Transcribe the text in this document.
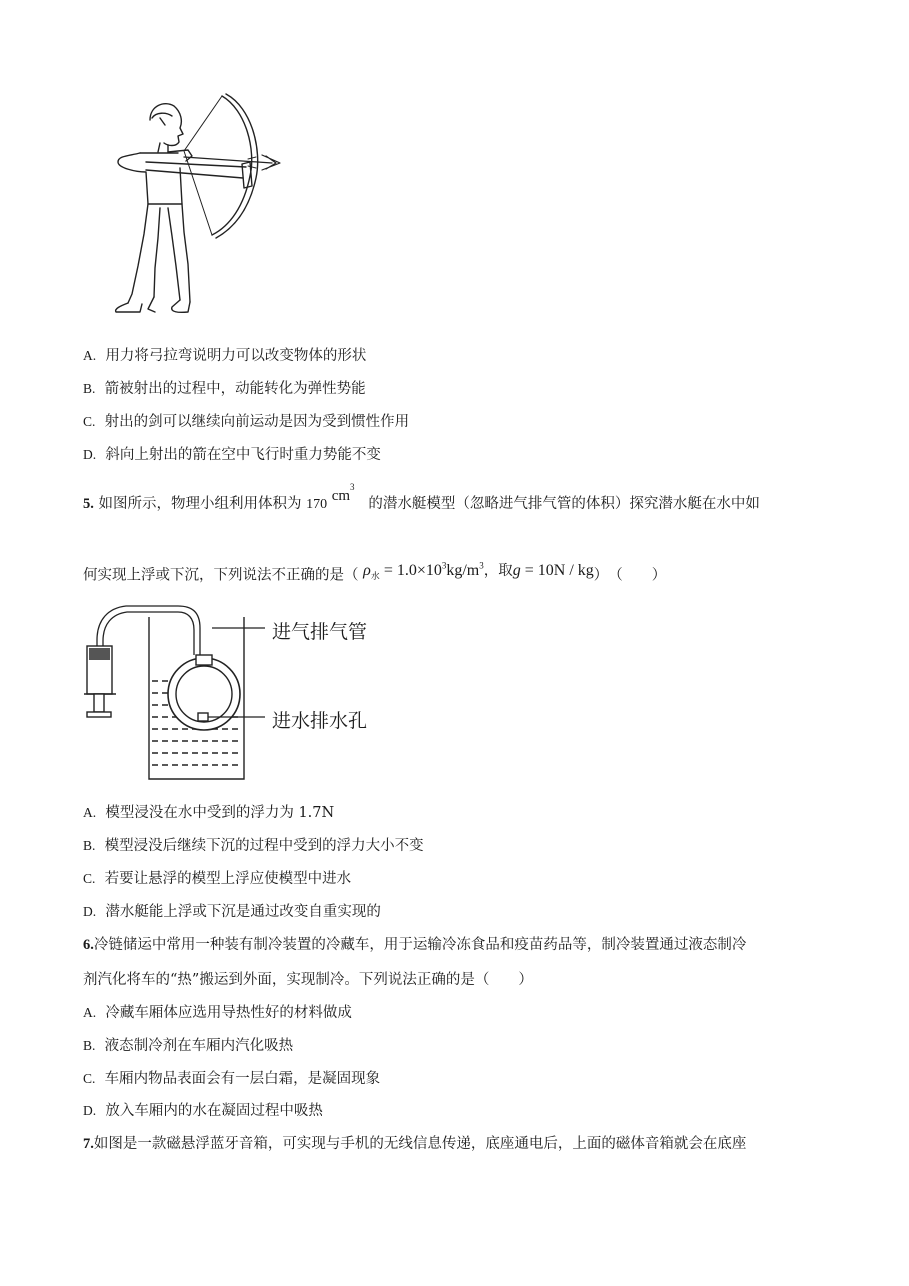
A. 用力将弓拉弯说明力可以改变物体的形状
B. 箭被射出的过程中，动能转化为弹性势能
C. 射出的剑可以继续向前运动是因为受到惯性作用
D. 斜向上射出的箭在空中飞行时重力势能不变
5. 如图所示，物理小组利用体积为 170 $cm^3$   的潜水艇模型（忽略进气排气管的体积）探究潜水艇在水中如
何实现上浮或下沉，下列说法不正确的是（ $\rho_水 = 1.0\times 10^3kg/m^3$，取g = 10N / kg）　（　　）
进气排气管
进水排水孔
A. 模型浸没在水中受到的浮力为 1.7N
B. 模型浸没后继续下沉的过程中受到的浮力大小不变
C. 若要让悬浮的模型上浮应使模型中进水
D. 潜水艇能上浮或下沉是通过改变自重实现的
6.冷链储运中常用一种装有制冷装置的冷藏车，用于运输冷冻食品和疫苗药品等，制冷装置通过液态制冷
剂汽化将车的“热”搬运到外面，实现制冷。下列说法正确的是（　　）
A. 冷藏车厢体应选用导热性好的材料做成
B. 液态制冷剂在车厢内汽化吸热
C. 车厢内物品表面会有一层白霜，是凝固现象
D. 放入车厢内的水在凝固过程中吸热
7.如图是一款磁悬浮蓝牙音箱，可实现与手机的无线信息传递，底座通电后，上面的磁体音箱就会在底座
